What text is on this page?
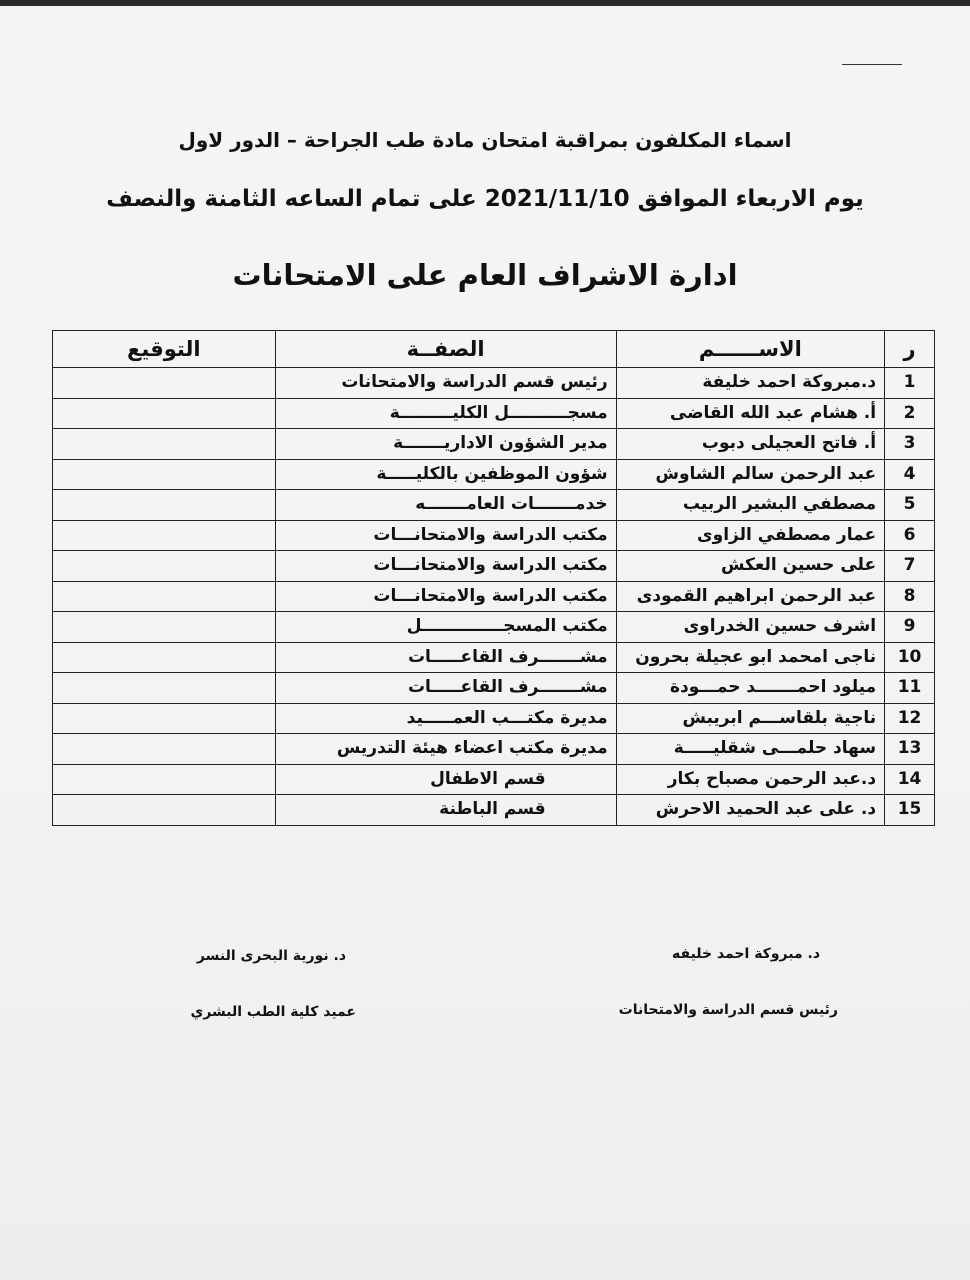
اسماء المكلفون بمراقبة امتحان مادة طب الجراحة – الدور لاول
يوم الاربعاء الموافق 2021/11/10 على تمام الساعه الثامنة والنصف
ادارة الاشراف العام على الامتحانات
ر	الاســــــم	الصفــة	التوقيع
1	د.مبروكة احمد خليفة	رئيس قسم الدراسة والامتحانات	
2	أ. هشام عبد الله القاضى	مسجــــــــــل الكليـــــــــة	
3	أ. فاتح العجيلى دبوب	مدير الشؤون الاداريـــــــة	
4	عبد الرحمن سالم الشاوش	شؤون الموظفين بالكليـــــة	
5	مصطفي البشير الربيب	خدمـــــــات العامـــــــه	
6	عمار مصطفي الزاوى	مكتب الدراسة والامتحانـــات	
7	على حسين العكش	مكتب الدراسة والامتحانـــات	
8	عبد الرحمن ابراهيم القمودى	مكتب الدراسة والامتحانـــات	
9	اشرف حسين الخدراوى	مكتب المسجــــــــــــــل	
10	ناجى امحمد ابو عجيلة بحرون	مشـــــــرف القاعـــــات	
11	ميلود احمـــــــد حمـــودة	مشـــــــرف القاعـــــات	
12	ناجية بلقاســـم ابريبش	مديرة مكتـــب العمـــــيد	
13	سهاد حلمـــى شقليـــــة	مديرة مكتب اعضاء هيئة التدريس	
14	د.عبد الرحمن مصباح بكار	قسم الاطفال	
15	د. على عبد الحميد الاحرش	قسم الباطنة	
د. مبروكة احمد خليفه
رئيس قسم الدراسة والامتحانات
د. نورية البحرى النسر
عميد كلية الطب البشري
